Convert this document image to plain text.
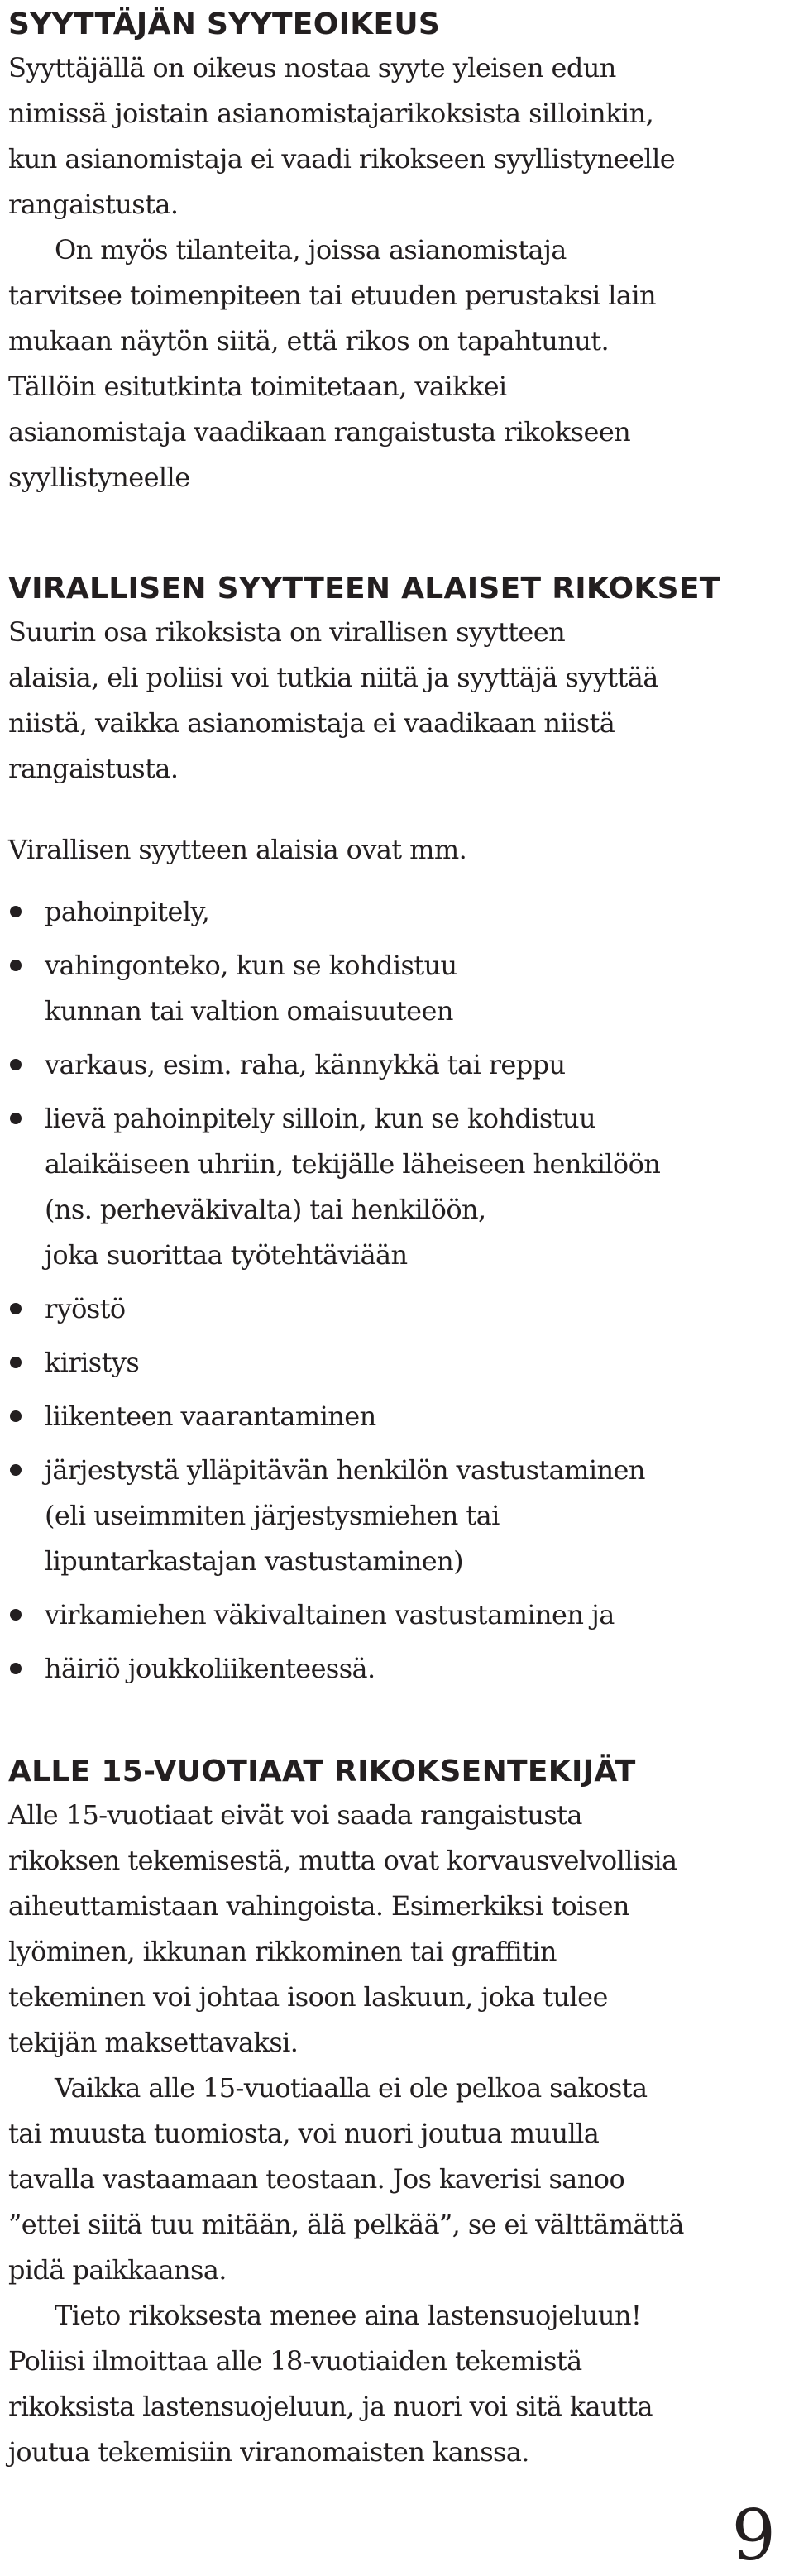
SYYTTÄJÄN SYYTEOIKEUS

Syyttäjällä on oikeus nostaa syyte yleisen edun

nimissä joistain asianomistajarikoksista silloinkin,

kun asianomistaja ei vaadi rikokseen syyllistyneelle

rangaistusta.

On myös tilanteita, joissa asianomistaja

tarvitsee toimenpiteen tai etuuden perustaksi lain

mukaan näytön siitä, että rikos on tapahtunut.

Tällöin esitutkinta toimitetaan, vaikkei

asianomistaja vaadikaan rangaistusta rikokseen

syyllistyneelle

VIRALLISEN SYYTTEEN ALAISET RIKOKSET

Suurin osa rikoksista on virallisen syytteen

alaisia, eli poliisi voi tutkia niitä ja syyttäjä syyttää

niistä, vaikka asianomistaja ei vaadikaan niistä

rangaistusta.

Virallisen syytteen alaisia ovat mm.

pahoinpitely,
vahingonteko, kun se kohdistuu
kunnan tai valtion omaisuuteen
varkaus, esim. raha, kännykkä tai reppu
lievä pahoinpitely silloin, kun se kohdistuu
alaikäiseen uhriin, tekijälle läheiseen henkilöön
(ns. perheväkivalta) tai henkilöön,
joka suorittaa työtehtäviään
ryöstö
kiristys
liikenteen vaarantaminen
järjestystä ylläpitävän henkilön vastustaminen
(eli useimmiten järjestysmiehen tai
lipuntarkastajan vastustaminen)
virkamiehen väkivaltainen vastustaminen ja
häiriö joukkoliikenteessä.
ALLE 15-VUOTIAAT RIKOKSENTEKIJÄT

Alle 15-vuotiaat eivät voi saada rangaistusta

rikoksen tekemisestä, mutta ovat korvausvelvollisia

aiheuttamistaan vahingoista. Esimerkiksi toisen

lyöminen, ikkunan rikkominen tai graffitin

tekeminen voi johtaa isoon laskuun, joka tulee

tekijän maksettavaksi.

Vaikka alle 15-vuotiaalla ei ole pelkoa sakosta

tai muusta tuomiosta, voi nuori joutua muulla

tavalla vastaamaan teostaan. Jos kaverisi sanoo

”ettei siitä tuu mitään, älä pelkää”, se ei välttämättä

pidä paikkaansa.

Tieto rikoksesta menee aina lastensuojeluun!

Poliisi ilmoittaa alle 18-vuotiaiden tekemistä

rikoksista lastensuojeluun, ja nuori voi sitä kautta

joutua tekemisiin viranomaisten kanssa.

9
